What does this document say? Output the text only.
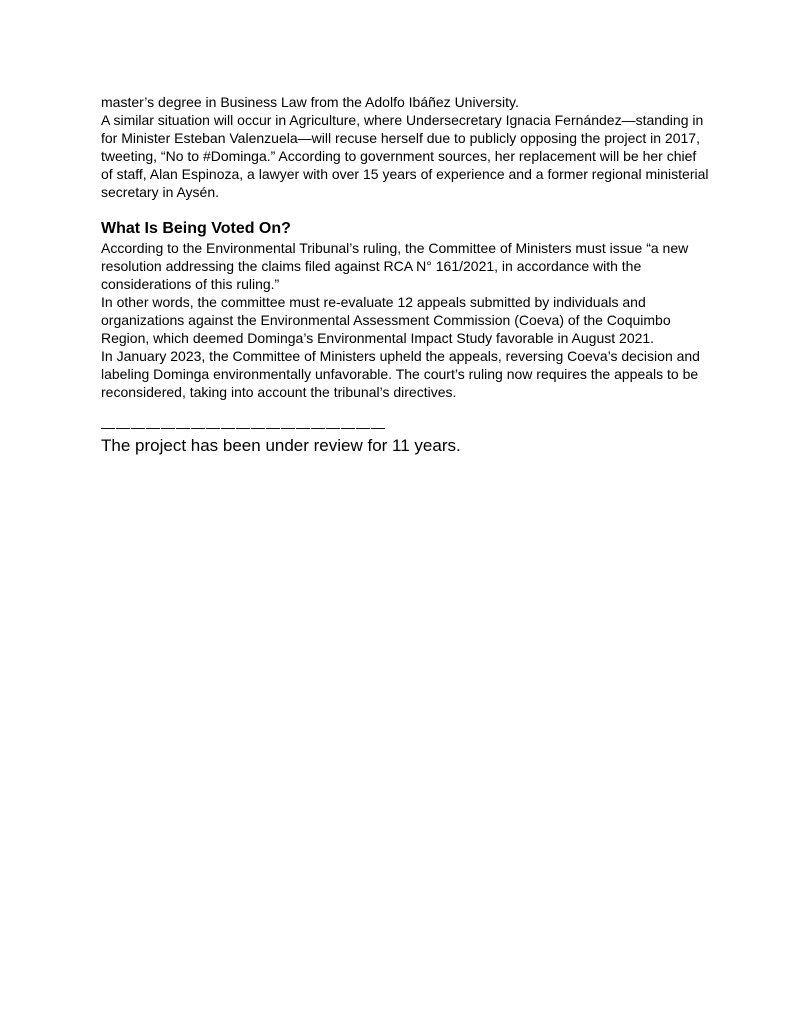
master’s degree in Business Law from the Adolfo Ibáñez University.

A similar situation will occur in Agriculture, where Undersecretary Ignacia Fernández—standing in for Minister Esteban Valenzuela—will recuse herself due to publicly opposing the project in 2017, tweeting, “No to #Dominga.” According to government sources, her replacement will be her chief of staff, Alan Espinoza, a lawyer with over 15 years of experience and a former regional ministerial secretary in Aysén.

What Is Being Voted On?

According to the Environmental Tribunal’s ruling, the Committee of Ministers must issue “a new resolution addressing the claims filed against RCA N° 161/2021, in accordance with the considerations of this ruling.”

In other words, the committee must re-evaluate 12 appeals submitted by individuals and organizations against the Environmental Assessment Commission (Coeva) of the Coquimbo Region, which deemed Dominga’s Environmental Impact Study favorable in August 2021.

In January 2023, the Committee of Ministers upheld the appeals, reversing Coeva’s decision and labeling Dominga environmentally unfavorable. The court’s ruling now requires the appeals to be reconsidered, taking into account the tribunal’s directives.

———————————————————

The project has been under review for 11 years.
